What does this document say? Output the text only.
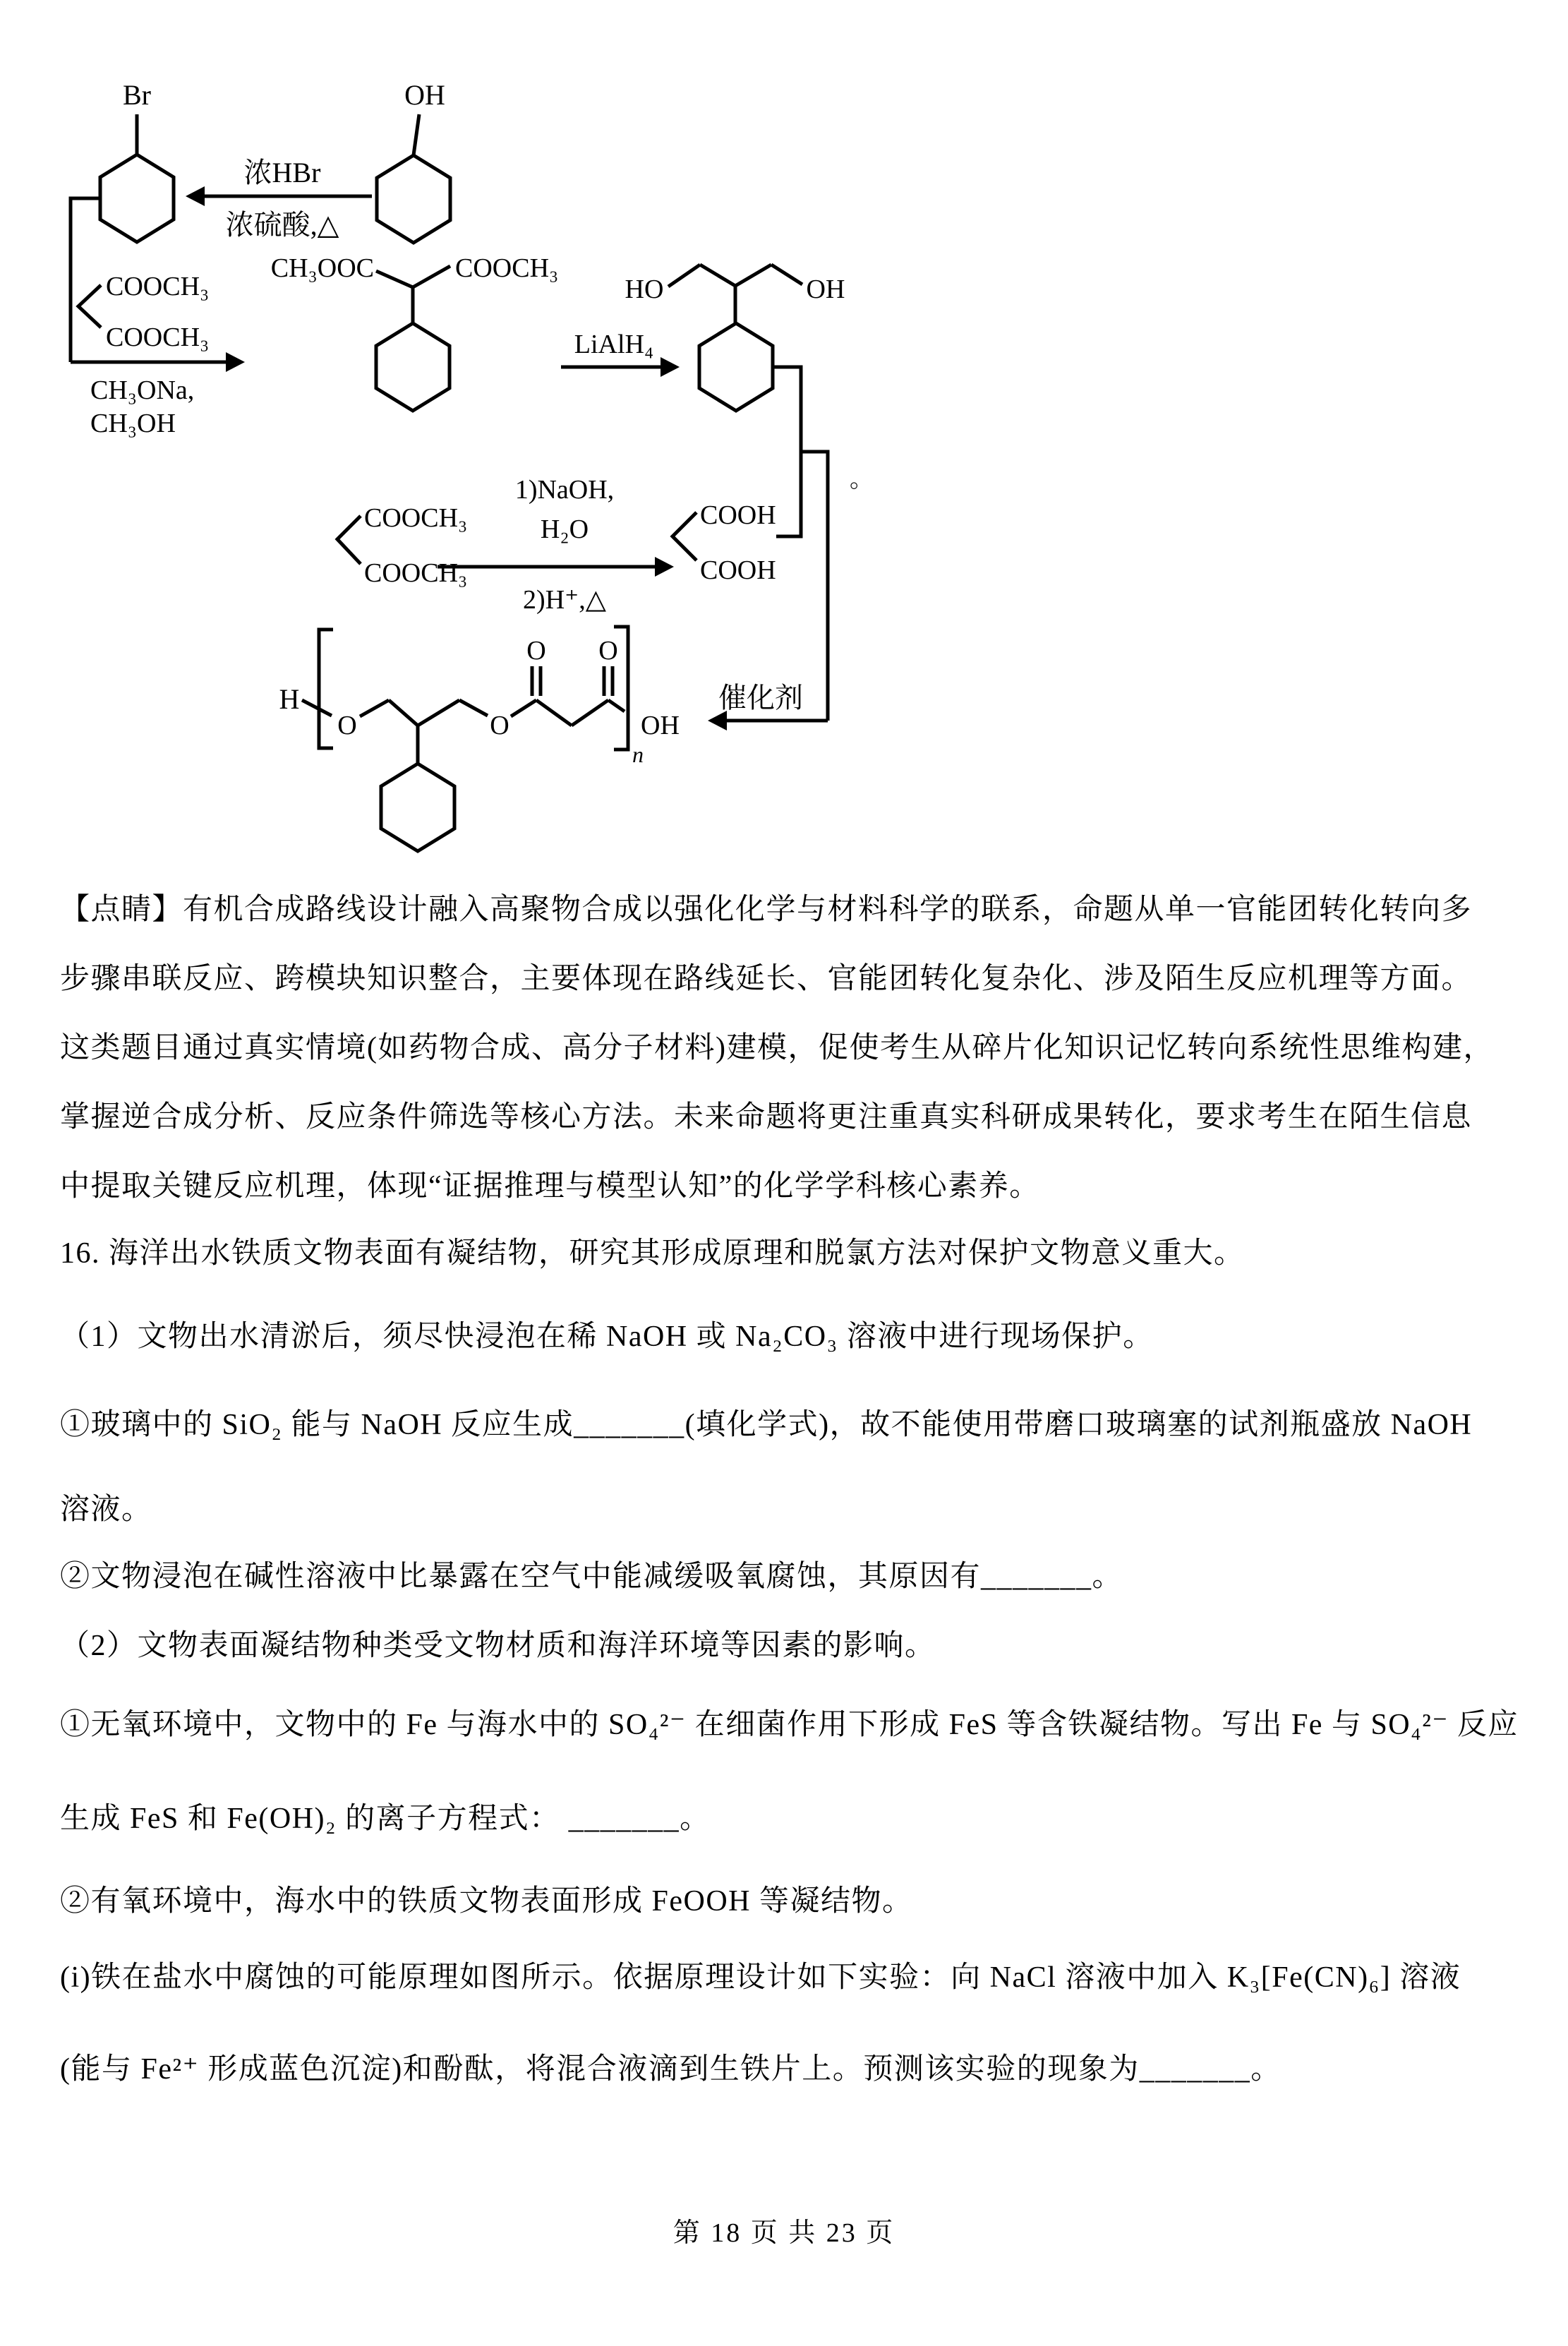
Br
浓HBr
浓硫酸,△
OH
COOCH₃
COOCH₃
CH₃ONa,
CH₃OH
CH₃OOC	COOCH₃
LiAlH₄
HO	OH
。
COOCH₃
COOCH₃
1)NaOH,
H₂O
2)H⁺,△
COOH
COOH
催化剂
H
O	O
O O
n
OH
【点睛】有机合成路线设计融入高聚物合成以强化化学与材料科学的联系，命题从单一官能团转化转向多
步骤串联反应、跨模块知识整合，主要体现在路线延长、官能团转化复杂化、涉及陌生反应机理等方面。
这类题目通过真实情境(如药物合成、高分子材料)建模，促使考生从碎片化知识记忆转向系统性思维构建，
掌握逆合成分析、反应条件筛选等核心方法。未来命题将更注重真实科研成果转化，要求考生在陌生信息
中提取关键反应机理，体现“证据推理与模型认知”的化学学科核心素养。
16. 海洋出水铁质文物表面有凝结物，研究其形成原理和脱氯方法对保护文物意义重大。
（1）文物出水清淤后，须尽快浸泡在稀 NaOH 或 Na₂CO₃ 溶液中进行现场保护。
①玻璃中的 SiO₂ 能与 NaOH 反应生成_______(填化学式)，故不能使用带磨口玻璃塞的试剂瓶盛放 NaOH
溶液。
②文物浸泡在碱性溶液中比暴露在空气中能减缓吸氧腐蚀，其原因有_______。
（2）文物表面凝结物种类受文物材质和海洋环境等因素的影响。
①无氧环境中，文物中的 Fe 与海水中的 SO₄²⁻ 在细菌作用下形成 FeS 等含铁凝结物。写出 Fe 与 SO₄²⁻ 反应
生成 FeS 和 Fe(OH)₂ 的离子方程式： _______。
②有氧环境中，海水中的铁质文物表面形成 FeOOH 等凝结物。
(i)铁在盐水中腐蚀的可能原理如图所示。依据原理设计如下实验：向 NaCl 溶液中加入 K₃[Fe(CN)₆] 溶液
(能与 Fe²⁺ 形成蓝色沉淀)和酚酞，将混合液滴到生铁片上。预测该实验的现象为_______。
第 18 页 共 23 页
